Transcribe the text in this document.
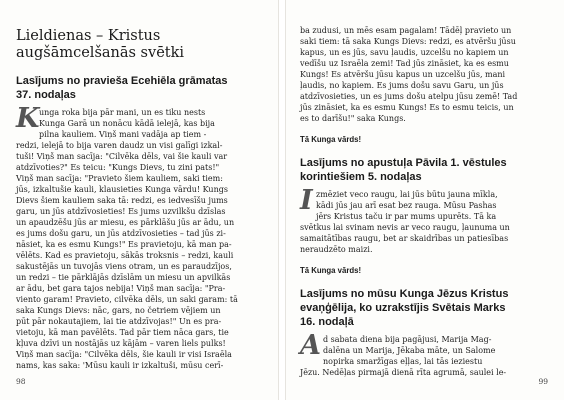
Lieldienas – Kristus
augšāmcelšanās svētki
Lasījums no pravieša Ecehiēla grāmatas
37. nodaļas
K unga roka bija pār mani, un es tiku nests

Kunga Garā un nonācu kādā ielejā, kas bija

pilna kauliem. Viņš mani vadāja ap tiem -

redzi, ielejā to bija varen daudz un visi galīgi izkal-

tuši! Viņš man sacīja: "Cilvēka dēls, vai šie kauli var

atdzīvoties?" Es teicu: "Kungs Dievs, tu zini pats!"

Viņš man sacīja: "Pravieto šiem kauliem, saki tiem:

jūs, izkaltušie kauli, klausieties Kunga vārdu! Kungs

Dievs šiem kauliem saka tā: redzi, es iedvesīšu jums

garu, un jūs atdzīvosieties! Es jums uzvilkšu dzīslas

un apaudzēšu jūs ar miesu, es pārklāšu jūs ar ādu, un

es jums došu garu, un jūs atdzīvosieties – tad jūs zi-

nāsiet, ka es esmu Kungs!" Es pravietoju, kā man pa-

vēlēts. Kad es pravietoju, sākās troksnis – redzi, kauli

sakustējās un tuvojās viens otram, un es paraudzījos,

un redzi – tie pārklājās dzīslām un miesu un apvilkās

ar ādu, bet gara tajos nebija! Viņš man sacīja: "Pra-

viento garam! Pravieto, cilvēka dēls, un saki garam: tā

saka Kungs Dievs: nāc, gars, no četriem vējiem un

pūt pār nokautajiem, lai tie atdzīvojas!" Un es pra-

vietoju, kā man pavēlēts. Tad pār tiem nāca gars, tie

kļuva dzīvi un nostājās uz kājām – varen liels pulks!

Viņš man sacīja: "Cilvēka dēls, šie kauli ir visi Israēla

nams, kas saka: 'Mūsu kauli ir izkaltuši, mūsu cerī-

98

ba zudusi, un mēs esam pagalam! Tādēļ pravieto un

saki tiem: tā saka Kungs Dievs: redzi, es atvēršu jūsu

kapus, un es jūs, savu ļaudis, uzcelšu no kapiem un

vedīšu uz Israēla zemi! Tad jūs zināsiet, ka es esmu

Kungs! Es atvēršu jūsu kapus un uzcelšu jūs, mani

ļaudis, no kapiem. Es jums došu savu Garu, un jūs

atdzīvosieties, un es jums došu atelpu jūsu zemē! Tad

jūs zināsiet, ka es esmu Kungs! Es to esmu teicis, un

es to darīšu!" saka Kungs.

Tā Kunga vārds!
Lasījums no apustuļa Pāvila 1. vēstules
korintiešiem 5. nodaļas
I zmēziet veco raugu, lai jūs būtu jauna mīkla,

kādi jūs jau arī esat bez rauga. Mūsu Pashas

jērs Kristus taču ir par mums upurēts. Tā ka

svētkus lai svinam nevis ar veco raugu, ļaunuma un

samaitātības raugu, bet ar skaidrības un patiesības

neraudzēto maizi.

Tā Kunga vārds!
Lasījums no mūsu Kunga Jēzus Kristus
evaņģēlija, ko uzrakstījis Svētais Marks
16. nodaļā
A d sabata diena bija pagājusi, Marija Mag-

dalēna un Marija, Jēkaba māte, un Salome

nopirka smaržīgas eļļas, lai tās ieziestu

Jēzu. Nedēļas pirmajā dienā rīta agrumā, saulei le-

99
